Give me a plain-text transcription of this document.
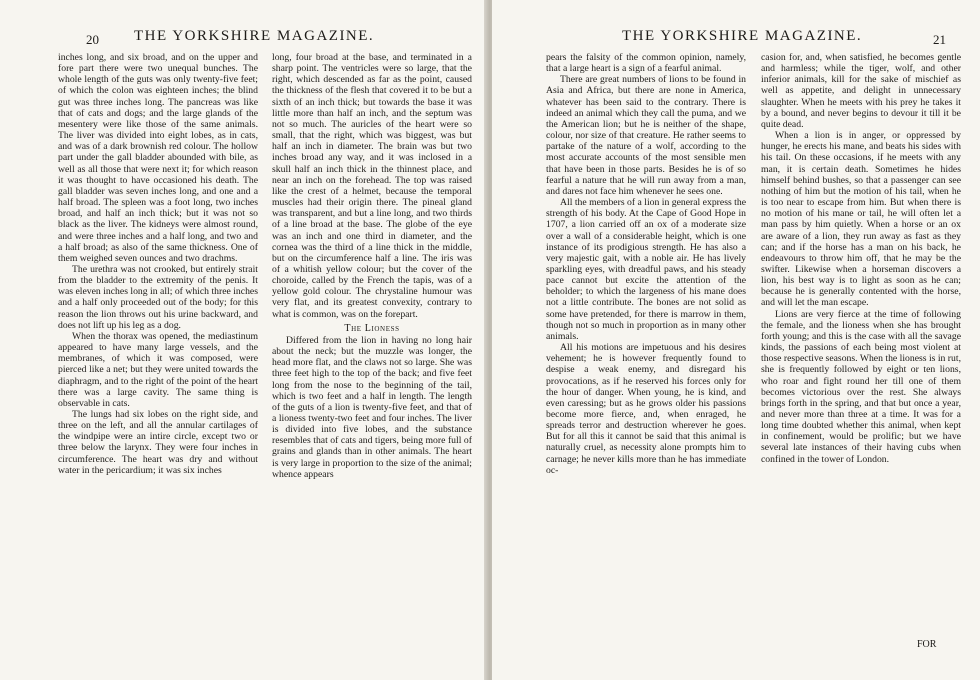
20 THE YORKSHIRE MAGAZINE.

inches long, and six broad, and on the upper and fore part there were two unequal bunches. The whole length of the guts was only twenty-five feet; of which the colon was eighteen inches; the blind gut was three inches long. The pancreas was like that of cats and dogs; and the large glands of the mesentery were like those of the same animals. The liver was divided into eight lobes, as in cats, and was of a dark brownish red colour. The hollow part under the gall bladder abounded with bile, as well as all those that were next it; for which reason it was thought to have occasioned his death. The gall bladder was seven inches long, and one and a half broad. The spleen was a foot long, two inches broad, and half an inch thick; but it was not so black as the liver. The kidneys were almost round, and were three inches and a half long, and two and a half broad; as also of the same thickness. One of them weighed seven ounces and two drachms.

The urethra was not crooked, but entirely strait from the bladder to the extremity of the penis. It was eleven inches long in all; of which three inches and a half only proceeded out of the body; for this reason the lion throws out his urine backward, and does not lift up his leg as a dog.

When the thorax was opened, the mediastinum appeared to have many large vessels, and the membranes, of which it was composed, were pierced like a net; but they were united towards the diaphragm, and to the right of the point of the heart there was a large cavity. The same thing is observable in cats.

The lungs had six lobes on the right side, and three on the left, and all the annular cartilages of the windpipe were an intire circle, except two or three below the larynx. They were four inches in circumference. The heart was dry and without water in the pericardium; it was six inches

long, four broad at the base, and terminated in a sharp point. The ventricles were so large, that the right, which descended as far as the point, caused the thickness of the flesh that covered it to be but a sixth of an inch thick; but towards the base it was little more than half an inch, and the septum was not so much. The auricles of the heart were so small, that the right, which was biggest, was but half an inch in diameter. The brain was but two inches broad any way, and it was inclosed in a skull half an inch thick in the thinnest place, and near an inch on the forehead. The top was raised like the crest of a helmet, because the temporal muscles had their origin there. The pineal gland was transparent, and but a line long, and two thirds of a line broad at the base. The globe of the eye was an inch and one third in diameter, and the cornea was the third of a line thick in the middle, but on the circumference half a line. The iris was of a whitish yellow colour; but the cover of the choroide, called by the French the tapis, was of a yellow gold colour. The chrystaline humour was very flat, and its greatest convexity, contrary to what is common, was on the forepart.

The Lioness

Differed from the lion in having no long hair about the neck; but the muzzle was longer, the head more flat, and the claws not so large. She was three feet high to the top of the back; and five feet long from the nose to the beginning of the tail, which is two feet and a half in length. The length of the guts of a lion is twenty-five feet, and that of a lioness twenty-two feet and four inches. The liver is divided into five lobes, and the substance resembles that of cats and tigers, being more full of grains and glands than in other animals. The heart is very large in proportion to the size of the animal; whence appears

THE YORKSHIRE MAGAZINE.	21

pears the falsity of the common opinion, namely, that a large heart is a sign of a fearful animal.

There are great numbers of lions to be found in Asia and Africa, but there are none in America, whatever has been said to the contrary. There is indeed an animal which they call the puma, and we the American lion; but he is neither of the shape, colour, nor size of that creature. He rather seems to partake of the nature of a wolf, according to the most accurate accounts of the most sensible men that have been in those parts. Besides he is of so fearful a nature that he will run away from a man, and dares not face him whenever he sees one.

All the members of a lion in general express the strength of his body. At the Cape of Good Hope in 1707, a lion carried off an ox of a moderate size over a wall of a considerable height, which is one instance of its prodigious strength. He has also a very majestic gait, with a noble air. He has lively sparkling eyes, with dreadful paws, and his steady pace cannot but excite the attention of the beholder; to which the largeness of his mane does not a little contribute. The bones are not solid as some have pretended, for there is marrow in them, though not so much in proportion as in many other animals.

All his motions are impetuous and his desires vehement; he is however frequently found to despise a weak enemy, and disregard his provocations, as if he reserved his forces only for the hour of danger. When young, he is kind, and even caressing; but as he grows older his passions become more fierce, and, when enraged, he spreads terror and destruction wherever he goes. But for all this it cannot be said that this animal is naturally cruel, as necessity alone prompts him to carnage; he never kills more than he has immediate oc-

casion for, and, when satisfied, he becomes gentle and harmless; while the tiger, wolf, and other inferior animals, kill for the sake of mischief as well as appetite, and delight in unnecessary slaughter. When he meets with his prey he takes it by a bound, and never begins to devour it till it be quite dead.

When a lion is in anger, or oppressed by hunger, he erects his mane, and beats his sides with his tail. On these occasions, if he meets with any man, it is certain death. Sometimes he hides himself behind bushes, so that a passenger can see nothing of him but the motion of his tail, when he is too near to escape from him. But when there is no motion of his mane or tail, he will often let a man pass by him quietly. When a horse or an ox are aware of a lion, they run away as fast as they can; and if the horse has a man on his back, he endeavours to throw him off, that he may be the swifter. Likewise when a horseman discovers a lion, his best way is to light as soon as he can; because he is generally contented with the horse, and will let the man escape.

Lions are very fierce at the time of following the female, and the lioness when she has brought forth young; and this is the case with all the savage kinds, the passions of each being most violent at those respective seasons. When the lioness is in rut, she is frequently followed by eight or ten lions, who roar and fight round her till one of them becomes victorious over the rest. She always brings forth in the spring, and that but once a year, and never more than three at a time. It was for a long time doubted whether this animal, when kept in confinement, would be prolific; but we have several late instances of their having cubs when confined in the tower of London.

FOR
